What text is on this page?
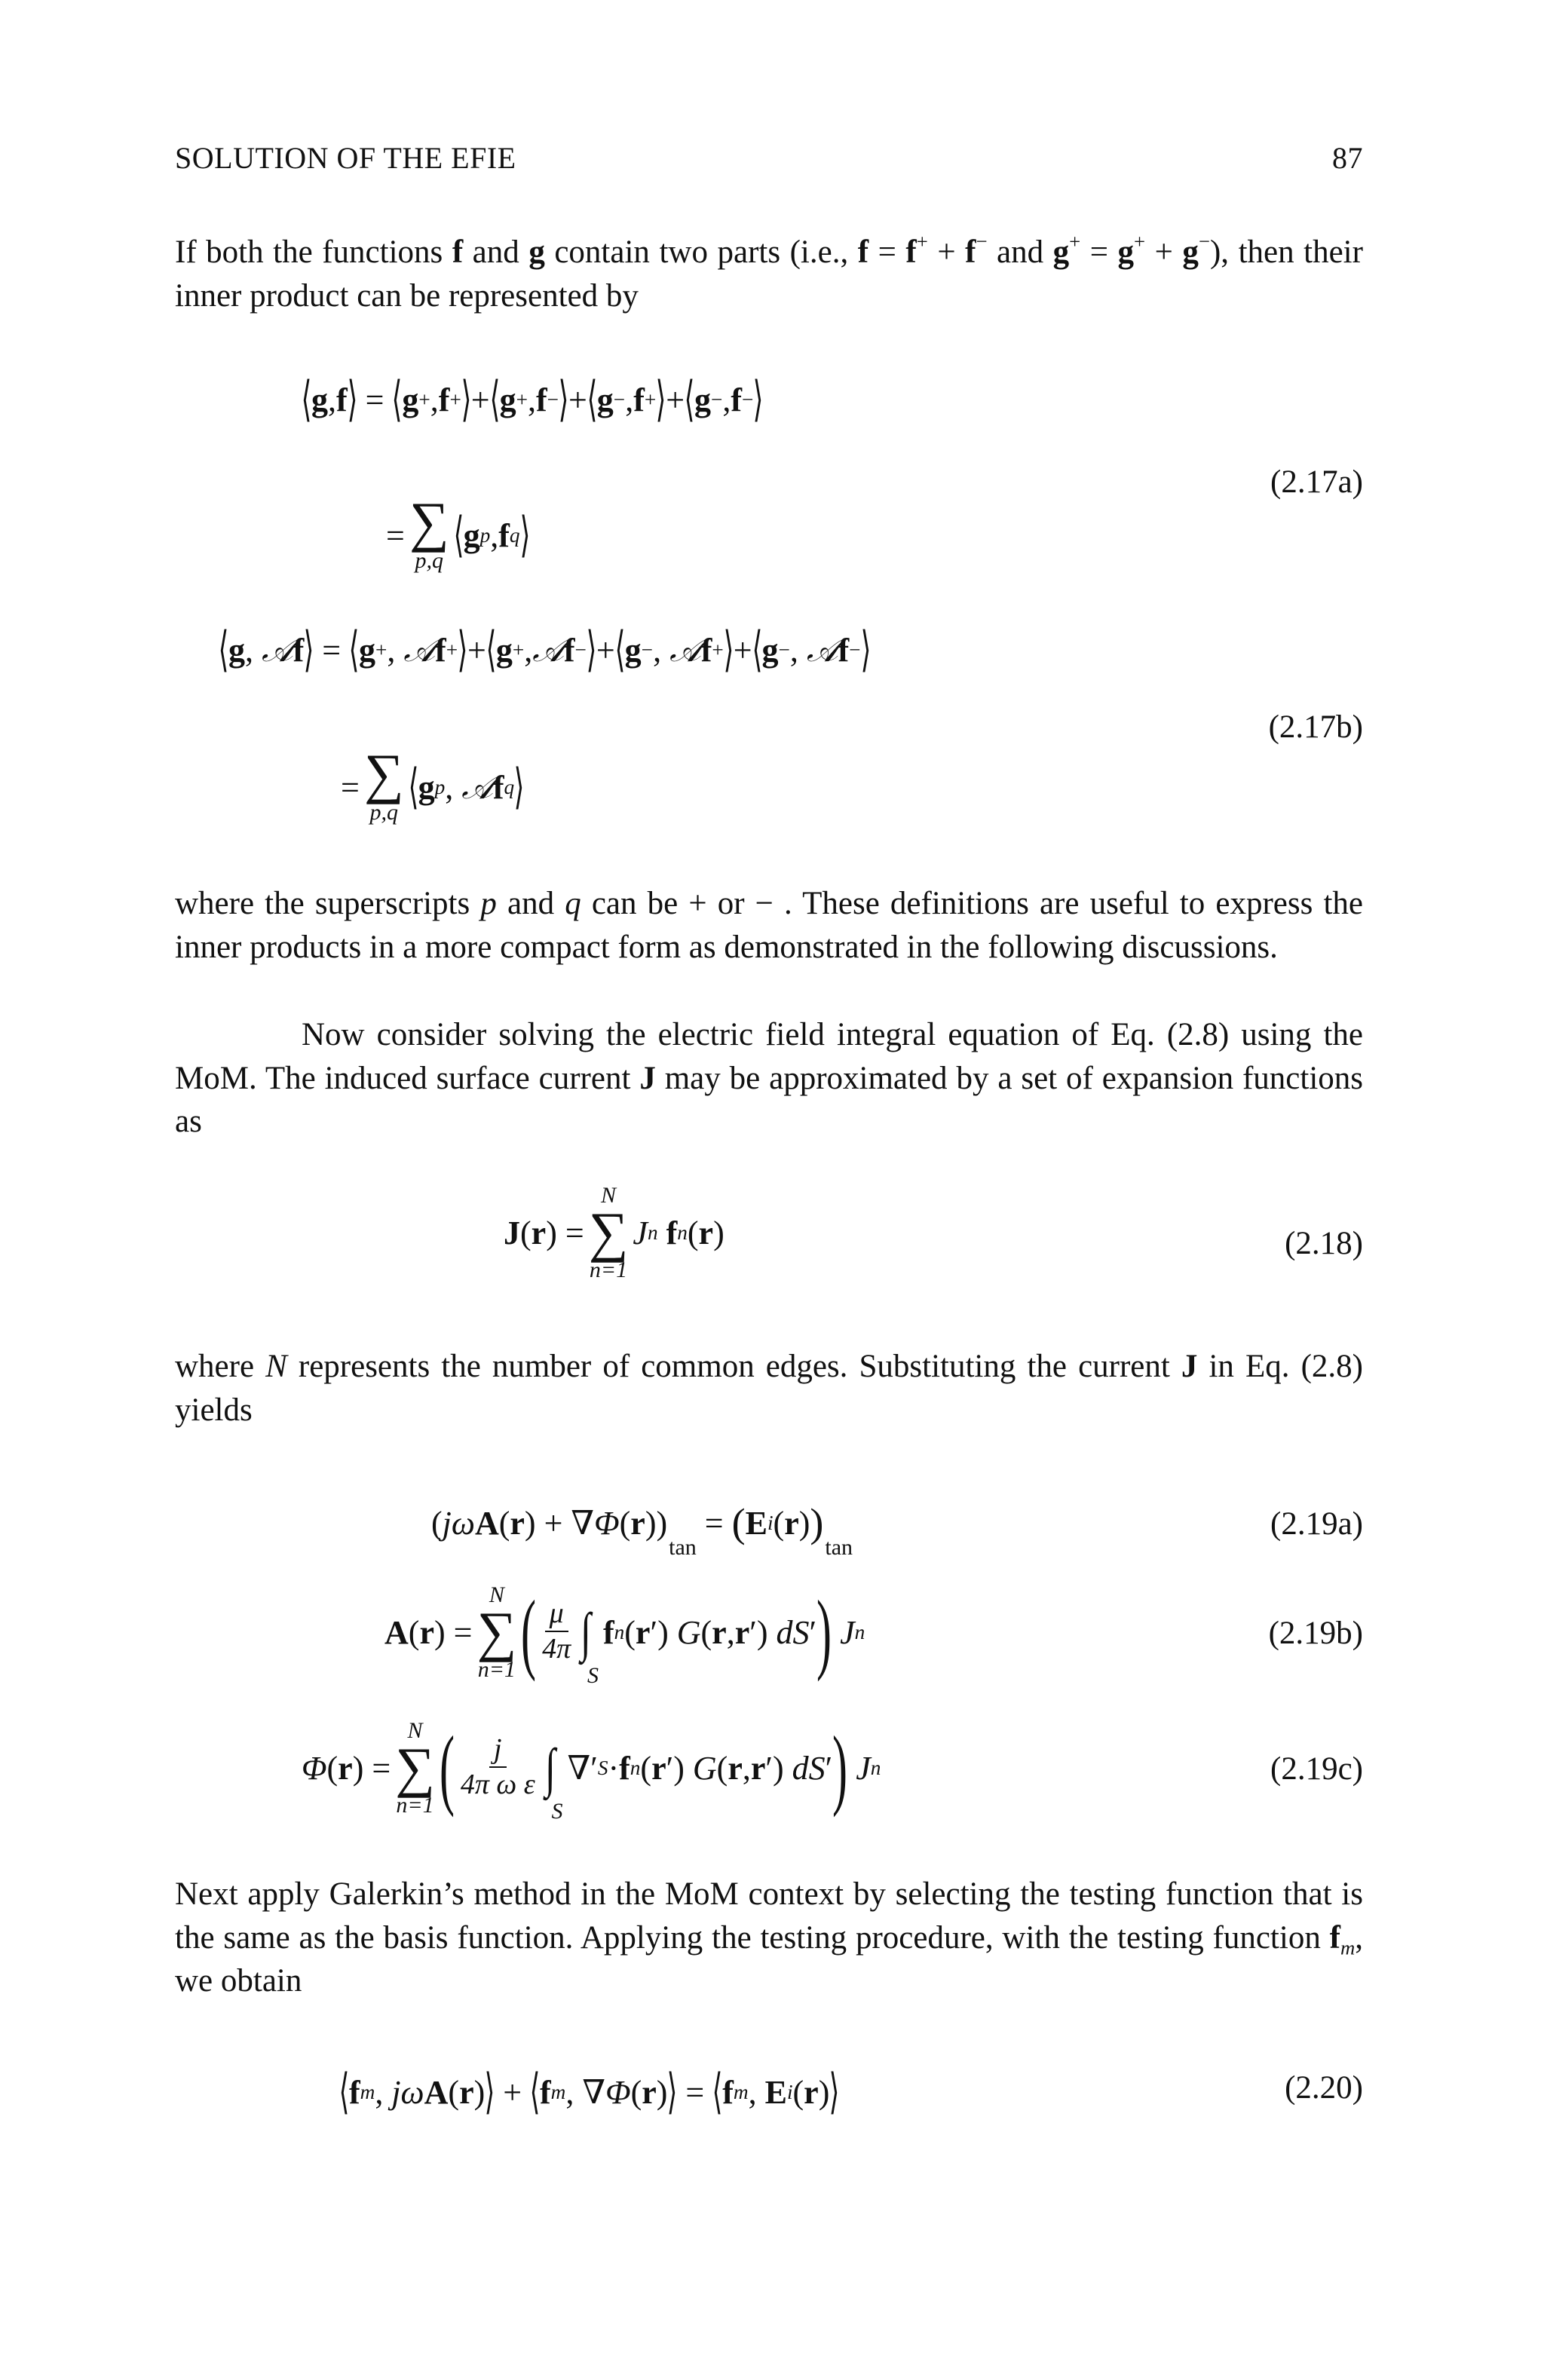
SOLUTION OF THE EFIE	87
If both the functions f and g contain two parts (i.e., f = f+ + f− and g+ = g+ + g−), then their inner product can be represented by
⟨ g , f ⟩ = ⟨ g + , f + ⟩ + ⟨ g + , f − ⟩ + ⟨ g − , f + ⟩ + ⟨ g − , f − ⟩
= ∑
p,q ⟨ g p , f q ⟩
(2.17a)
⟨ g , 𝒜 f ⟩ = ⟨ g + , 𝒜 f + ⟩ + ⟨ g + , 𝒜 f − ⟩ + ⟨ g − , 𝒜 f + ⟩ + ⟨ g − , 𝒜 f − ⟩
= ∑
p,q ⟨ g p , 𝒜 f q ⟩
(2.17b)
where the superscripts p and q can be + or − . These definitions are useful to express the inner products in a more compact form as demonstrated in the following discussions.
Now consider solving the electric field integral equation of Eq. (2.8) using the MoM. The induced surface current J may be approximated by a set of expansion functions as
J ( r ) =
N
∑
n=1
J n
f n ( r )	(2.18)
where N represents the number of common edges. Substituting the current J in Eq. (2.8) yields
( jω A ( r ) + ∇ Φ ( r ))
tan
= ( E i ( r ) )
tan
(2.19a)
A ( r ) =
N
∑
n=1 ( $\frac{\mu}{4\pi}$ ∫
S
f n ( r ′) G ( r , r ′) dS ′ )
J n	(2.19b)
Φ ( r ) =
N
∑
n=1 ( $\frac{j}{\text{4π ω ε}}$ ∫
S
∇′ S · f n ( r ′) G ( r , r ′) dS ′ )
J n	(2.19c)
Next apply Galerkin’s method in the MoM context by selecting the testing function that is the same as the basis function. Applying the testing procedure, with the testing function $f_m$, we obtain
⟨ f m , jω A ( r ) ⟩ + ⟨ f m , ∇ Φ ( r ) ⟩ = ⟨ f m , E i ( r ) ⟩	(2.20)
